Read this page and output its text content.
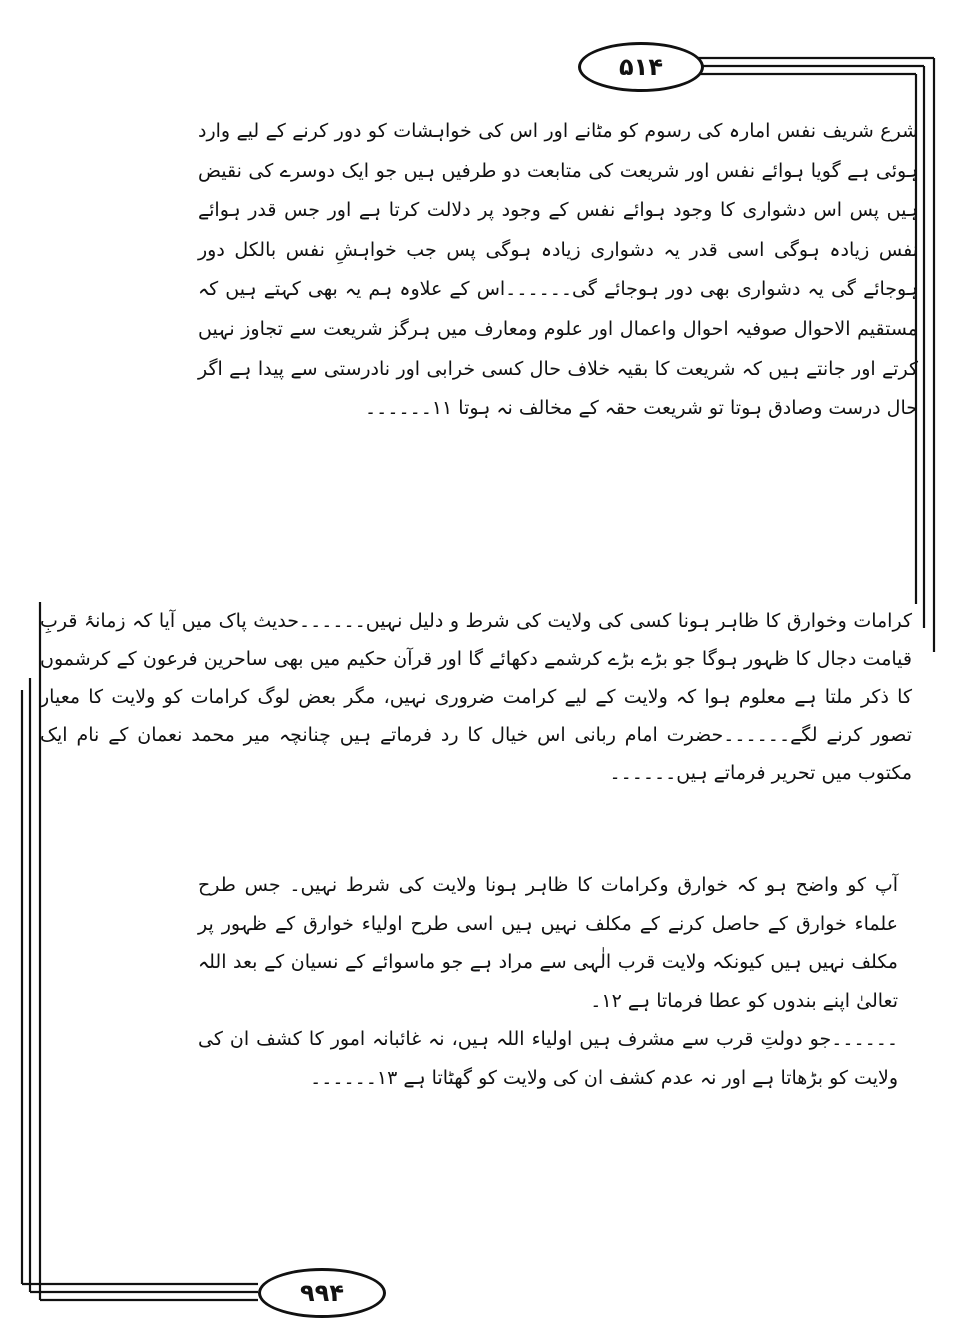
۵۱۴

شرع شریف نفس امارہ کی رسوم کو مٹانے اور اس کی خواہشات کو دور کرنے کے لیے وارد ہوئی ہے گویا ہوائے نفس اور شریعت کی متابعت دو طرفیں ہیں جو ایک دوسرے کی نقیض ہیں پس اس دشواری کا وجود ہوائے نفس کے وجود پر دلالت کرتا ہے اور جس قدر ہوائے نفس زیادہ ہوگی اسی قدر یہ دشواری زیادہ ہوگی پس جب خواہشِ نفس بالکل دور ہوجائے گی یہ دشواری بھی دور ہوجائے گی۔۔۔۔۔۔اس کے علاوہ ہم یہ بھی کہتے ہیں کہ مستقیم الاحوال صوفیہ احوال واعمال اور علوم ومعارف میں ہرگز شریعت سے تجاوز نہیں کرتے اور جانتے ہیں کہ شریعت کا بقیہ خلاف حال کسی خرابی اور نادرستی سے پیدا ہے اگر حال درست وصادق ہوتا تو شریعت حقہ کے مخالف نہ ہوتا ۱۱۔۔۔۔۔۔

کرامات وخوارق کا ظاہر ہونا کسی کی ولایت کی شرط و دلیل نہیں۔۔۔۔۔۔حدیث پاک میں آیا کہ زمانۂ قربِ قیامت دجال کا ظہور ہوگا جو بڑے بڑے کرشمے دکھائے گا اور قرآن حکیم میں بھی ساحرین فرعون کے کرشموں کا ذکر ملتا ہے معلوم ہوا کہ ولایت کے لیے کرامت ضروری نہیں، مگر بعض لوگ کرامات کو ولایت کا معیار تصور کرنے لگے۔۔۔۔۔۔حضرت امام ربانی اس خیال کا رد فرماتے ہیں چنانچہ میر محمد نعمان کے نام ایک مکتوب میں تحریر فرماتے ہیں۔۔۔۔۔۔

آپ کو واضح ہو کہ خوارق وکرامات کا ظاہر ہونا ولایت کی شرط نہیں۔ جس طرح علماء خوارق کے حاصل کرنے کے مکلف نہیں ہیں اسی طرح اولیاء خوارق کے ظہور پر مکلف نہیں ہیں کیونکہ ولایت قرب الٰہی سے مراد ہے جو ماسوائے کے نسیان کے بعد اللہ تعالیٰ اپنے بندوں کو عطا فرماتا ہے ۱۲۔

۔۔۔۔۔۔جو دولتِ قرب سے مشرف ہیں اولیاء اللہ ہیں، نہ غائبانہ امور کا کشف ان کی ولایت کو بڑھاتا ہے اور نہ عدم کشف ان کی ولایت کو گھٹاتا ہے ۱۳۔۔۔۔۔۔

۹۹۴
